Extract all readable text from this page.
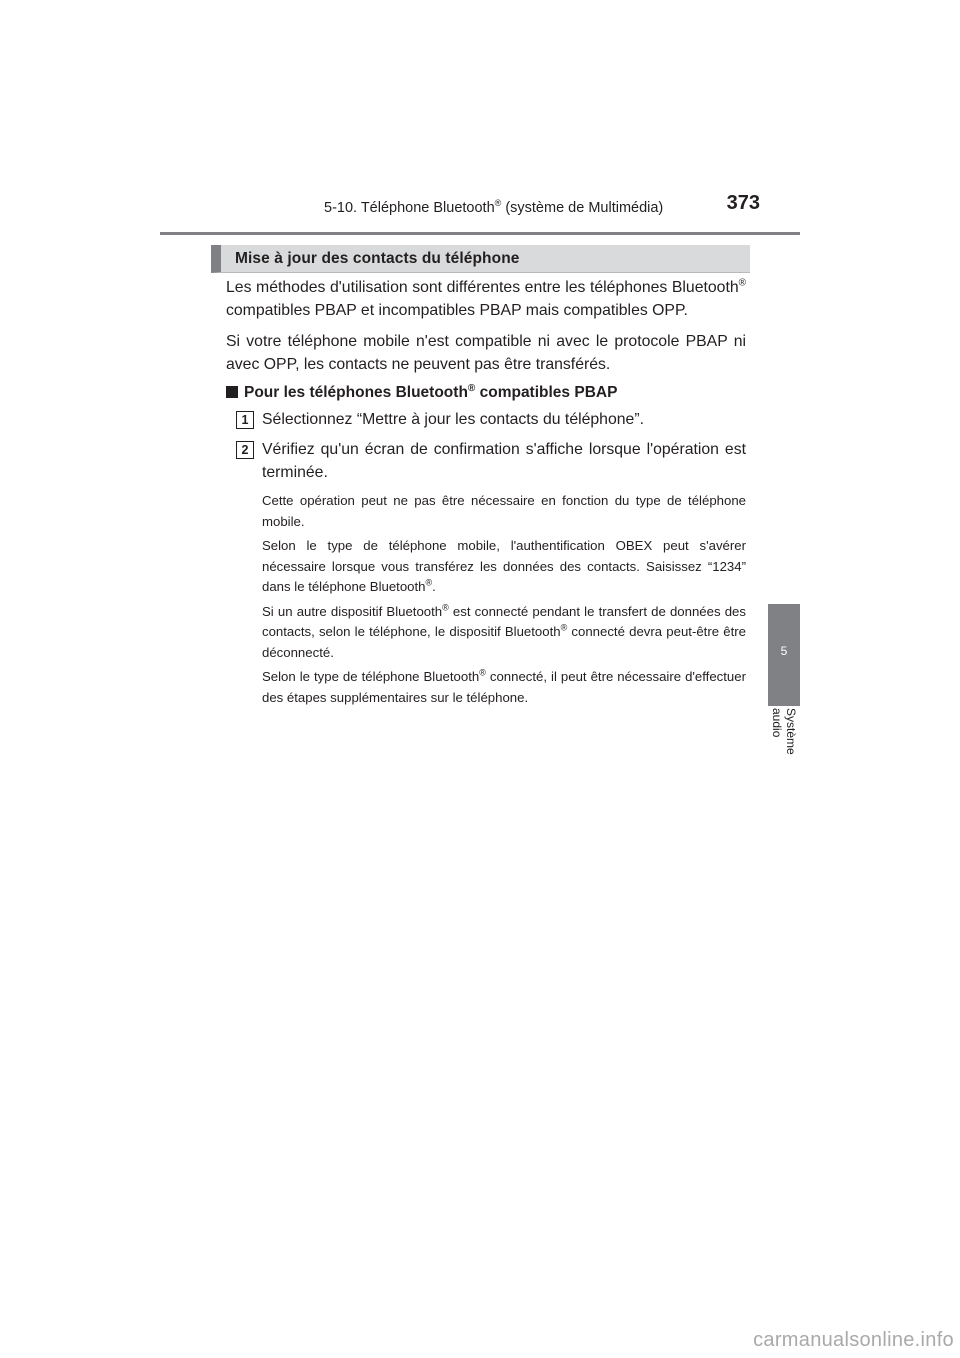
5-10. Téléphone Bluetooth® (système de Multimédia)	373
5
Système audio
Mise à jour des contacts du téléphone

Les méthodes d'utilisation sont différentes entre les téléphones Bluetooth® compatibles PBAP et incompatibles PBAP mais compatibles OPP.

Si votre téléphone mobile n'est compatible ni avec le protocole PBAP ni avec OPP, les contacts ne peuvent pas être transférés.

Pour les téléphones Bluetooth® compatibles PBAP
1 Sélectionnez “Mettre à jour les contacts du téléphone”.
2 Vérifiez qu'un écran de confirmation s'affiche lorsque l'opération est terminée.

Cette opération peut ne pas être nécessaire en fonction du type de téléphone mobile.

Selon le type de téléphone mobile, l'authentification OBEX peut s'avérer nécessaire lorsque vous transférez les données des contacts. Saisissez “1234” dans le téléphone Bluetooth®.

Si un autre dispositif Bluetooth® est connecté pendant le transfert de données des contacts, selon le téléphone, le dispositif Bluetooth® connecté devra peut-être être déconnecté.

Selon le type de téléphone Bluetooth® connecté, il peut être nécessaire d'effectuer des étapes supplémentaires sur le téléphone.

carmanualsonline.info
